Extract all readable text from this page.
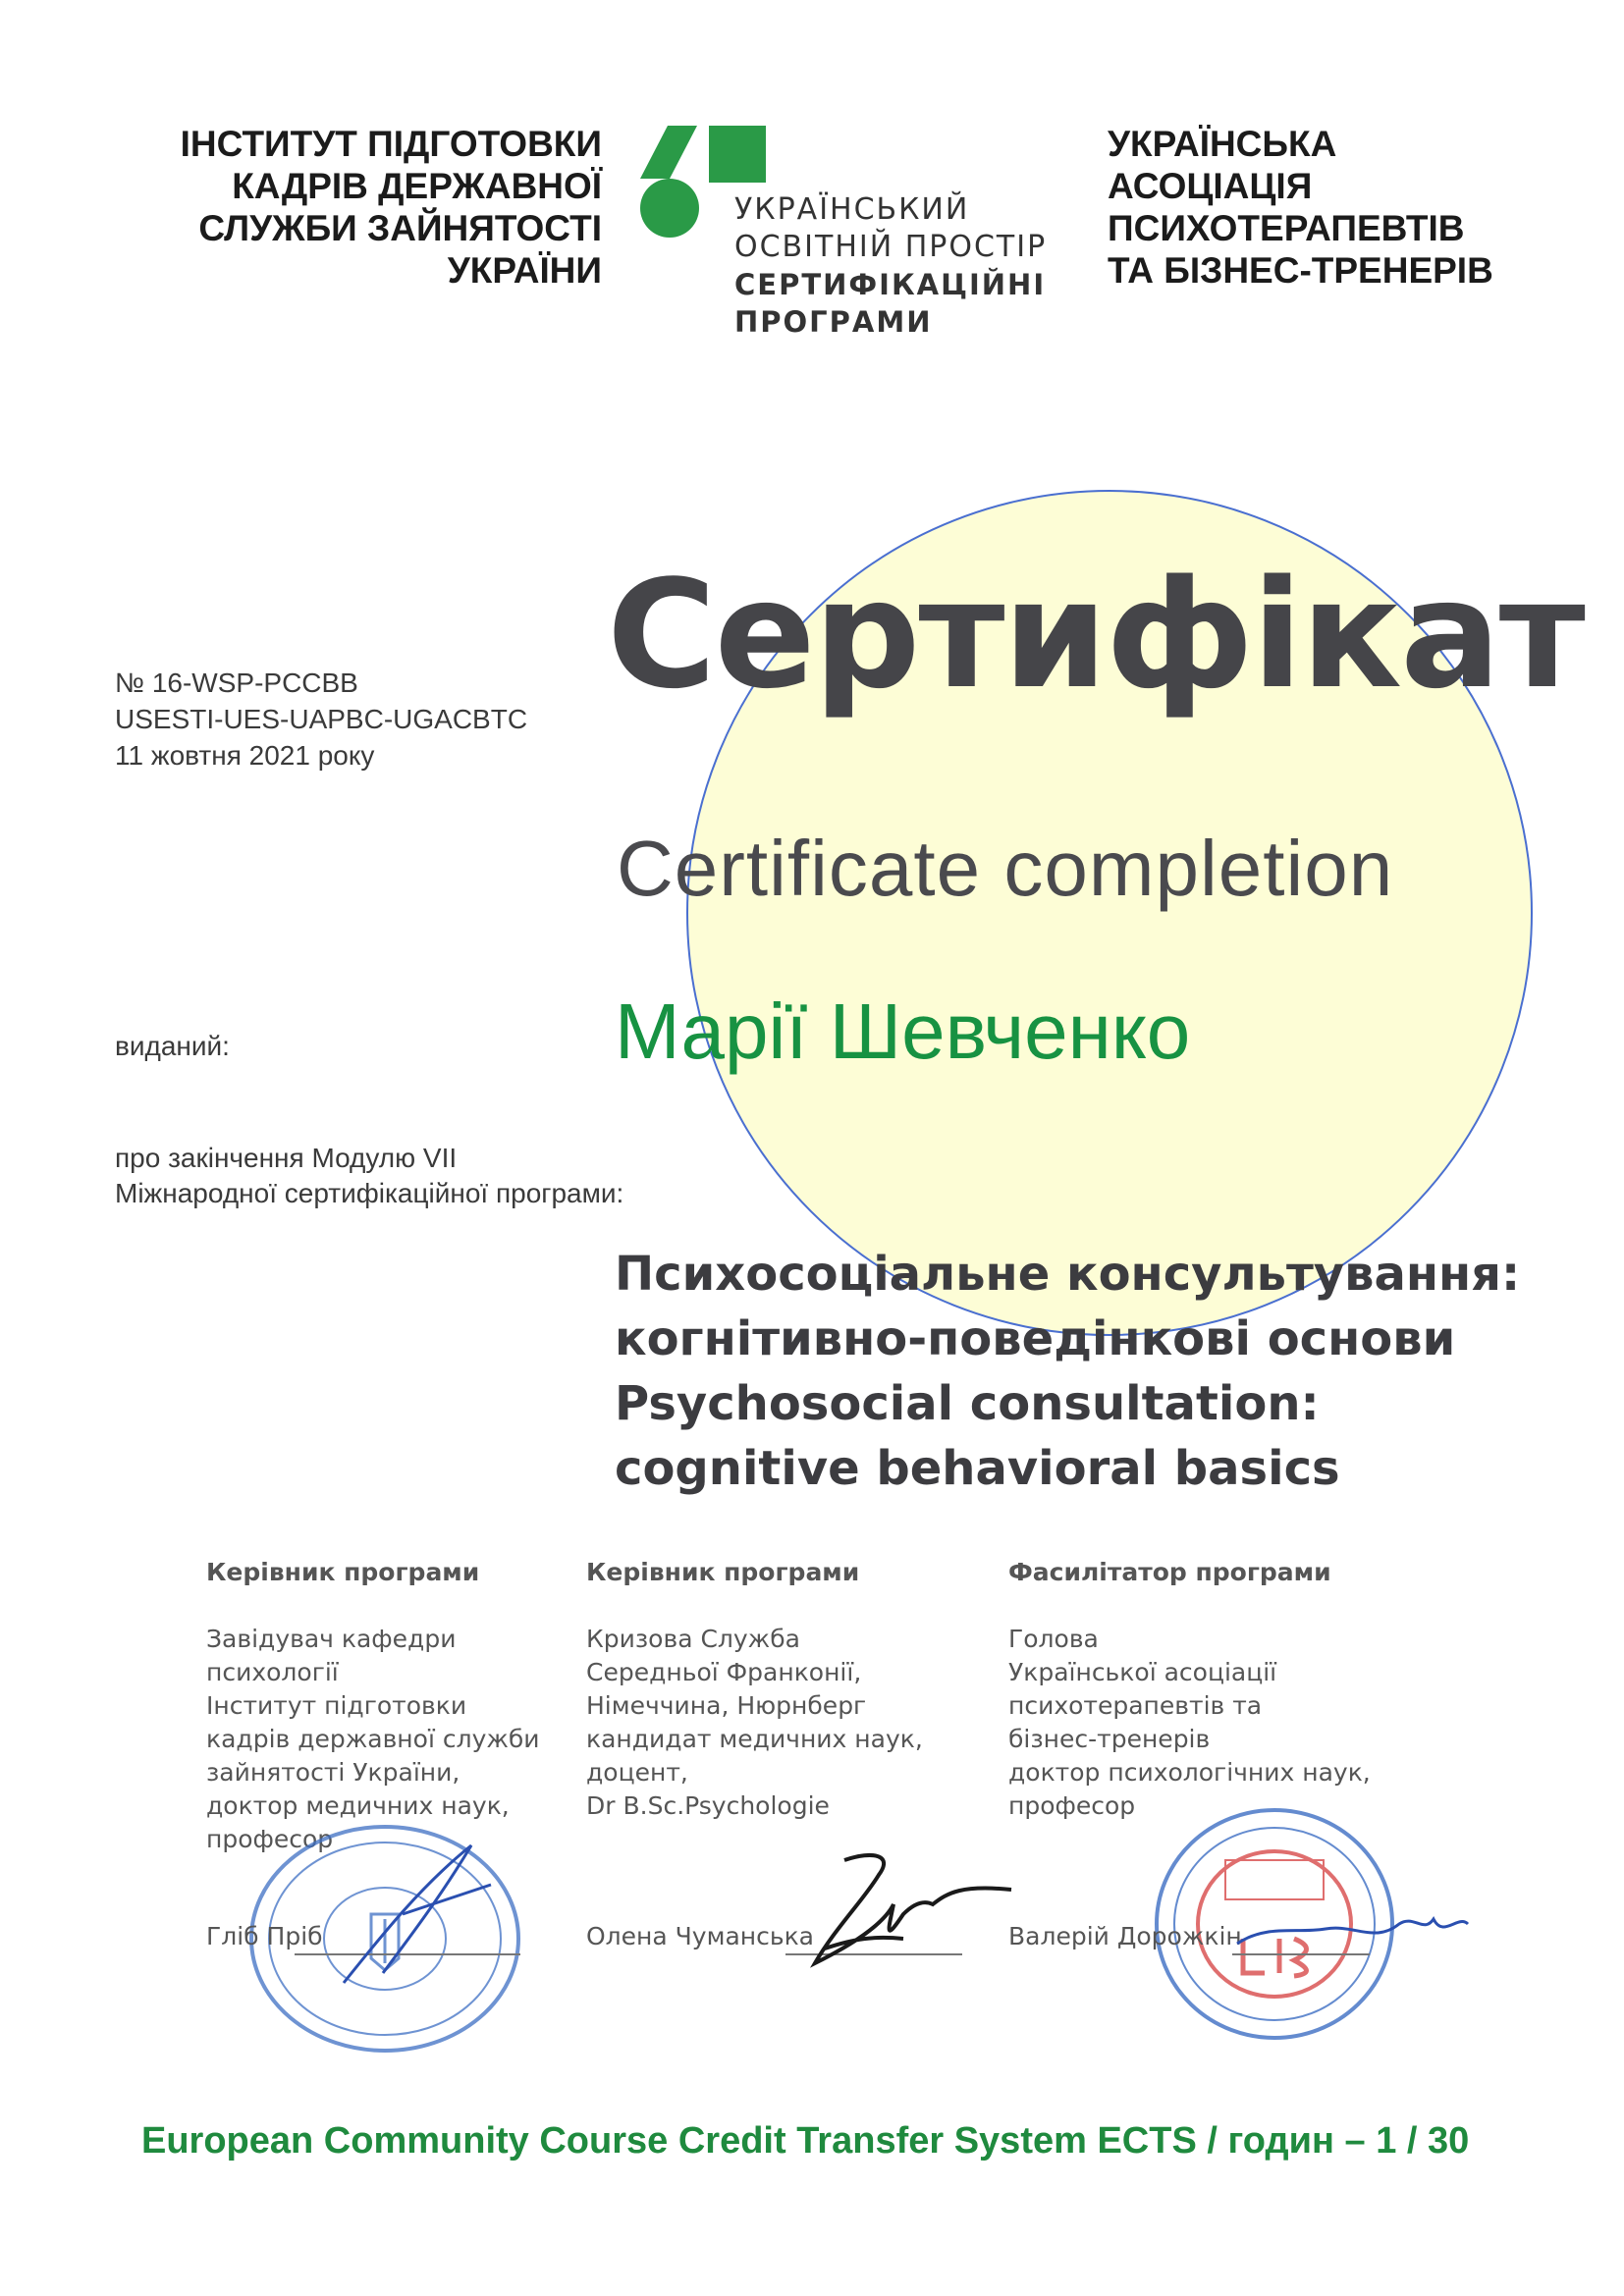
ІНСТИТУТ ПІДГОТОВКИ
КАДРІВ ДЕРЖАВНОЇ
СЛУЖБИ ЗАЙНЯТОСТІ
УКРАЇНИ
УКРАЇНСЬКИЙ
ОСВІТНІЙ ПРОСТІР
СЕРТИФІКАЦІЙНІ
ПРОГРАМИ
УКРАЇНСЬКА
АСОЦІАЦІЯ
ПСИХОТЕРАПЕВТІВ
ТА БІЗНЕС-ТРЕНЕРІВ
№ 16-WSP-PCCBB
USESTI-UES-UAPBC-UGACBTC
11 жовтня 2021 року
Сертифікат
Certificate completion
виданий:	Марії Шевченко
про закінчення Модулю VII
Міжнародної сертифікаційної програми:
Психосоціальне консультування:
когнітивно-поведінкові основи
Psychosocial consultation:
cognitive behavioral basics
Керівник програми
Завідувач кафедри
психології
Інститут підготовки
кадрів державної служби
зайнятості України,
доктор медичних наук,
професор
Керівник програми
Кризова Служба
Середньої Франконії,
Німеччина, Нюрнберг
кандидат медичних наук,
доцент,
Dr B.Sc.Psychologie
Фасилітатор програми
Голова
Української асоціації
психотерапевтів та
бізнес-тренерів
доктор психологічних наук,
професор
Гліб Пріб	Олена Чуманська	Валерій Дорожкін
European Community Course Credit Transfer System ECTS / годин – 1 / 30
